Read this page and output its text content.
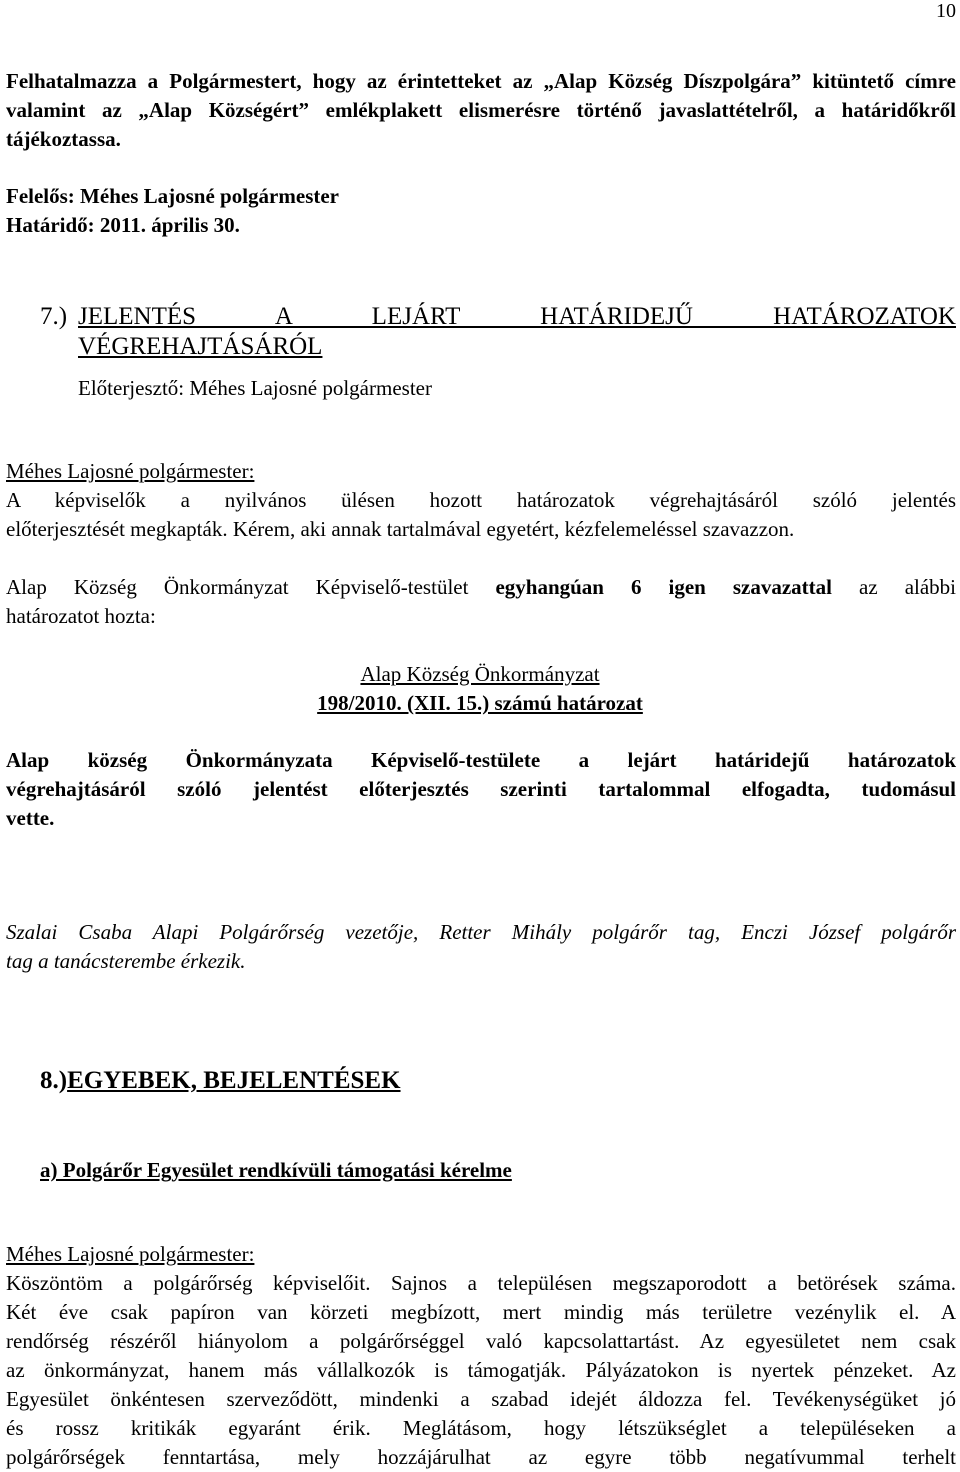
10

Felhatalmazza a Polgármestert, hogy az érintetteket az „Alap Község Díszpolgára” kitüntető címre valamint az „Alap Községért” emlékplakett elismerésre történő javaslattételről, a határidőkről tájékoztassa.

Felelős: Méhes Lajosné polgármester
Határidő: 2011. április 30.
7.) JELENTÉS A LEJÁRT HATÁRIDEJŰ HATÁROZATOK
VÉGREHAJTÁSÁRÓL
Előterjesztő: Méhes Lajosné polgármester
Méhes Lajosné polgármester:
A képviselők a nyilvános ülésen hozott határozatok végrehajtásáról szóló jelentés
előterjesztését megkapták. Kérem, aki annak tartalmával egyetért, kézfelemeléssel szavazzon.
Alap Község Önkormányzat Képviselő-testület egyhangúan 6 igen szavazattal az alábbi
határozatot hozta:
Alap Község Önkormányzat
198/2010. (XII. 15.) számú határozat
Alap község Önkormányzata Képviselő-testülete a lejárt határidejű határozatok
végrehajtásáról szóló jelentést előterjesztés szerinti tartalommal elfogadta, tudomásul
vette.
Szalai Csaba Alapi Polgárőrség vezetője, Retter Mihály polgárőr tag, Enczi József polgárőr
tag a tanácsterembe érkezik.
8.)EGYEBEK, BEJELENTÉSEK
a) Polgárőr Egyesület rendkívüli támogatási kérelme
Méhes Lajosné polgármester:
Köszöntöm a polgárőrség képviselőit. Sajnos a településen megszaporodott a betörések száma.
Két éve csak papíron van körzeti megbízott, mert mindig más területre vezénylik el. A
rendőrség részéről hiányolom a polgárőrséggel való kapcsolattartást. Az egyesületet nem csak
az önkormányzat, hanem más vállalkozók is támogatják. Pályázatokon is nyertek pénzeket. Az
Egyesület önkéntesen szerveződött, mindenki a szabad idejét áldozza fel. Tevékenységüket jó
és rossz kritikák egyaránt érik. Meglátásom, hogy létszükséglet a településeken a
polgárőrségek fenntartása, mely hozzájárulhat az egyre több negatívummal terhelt
